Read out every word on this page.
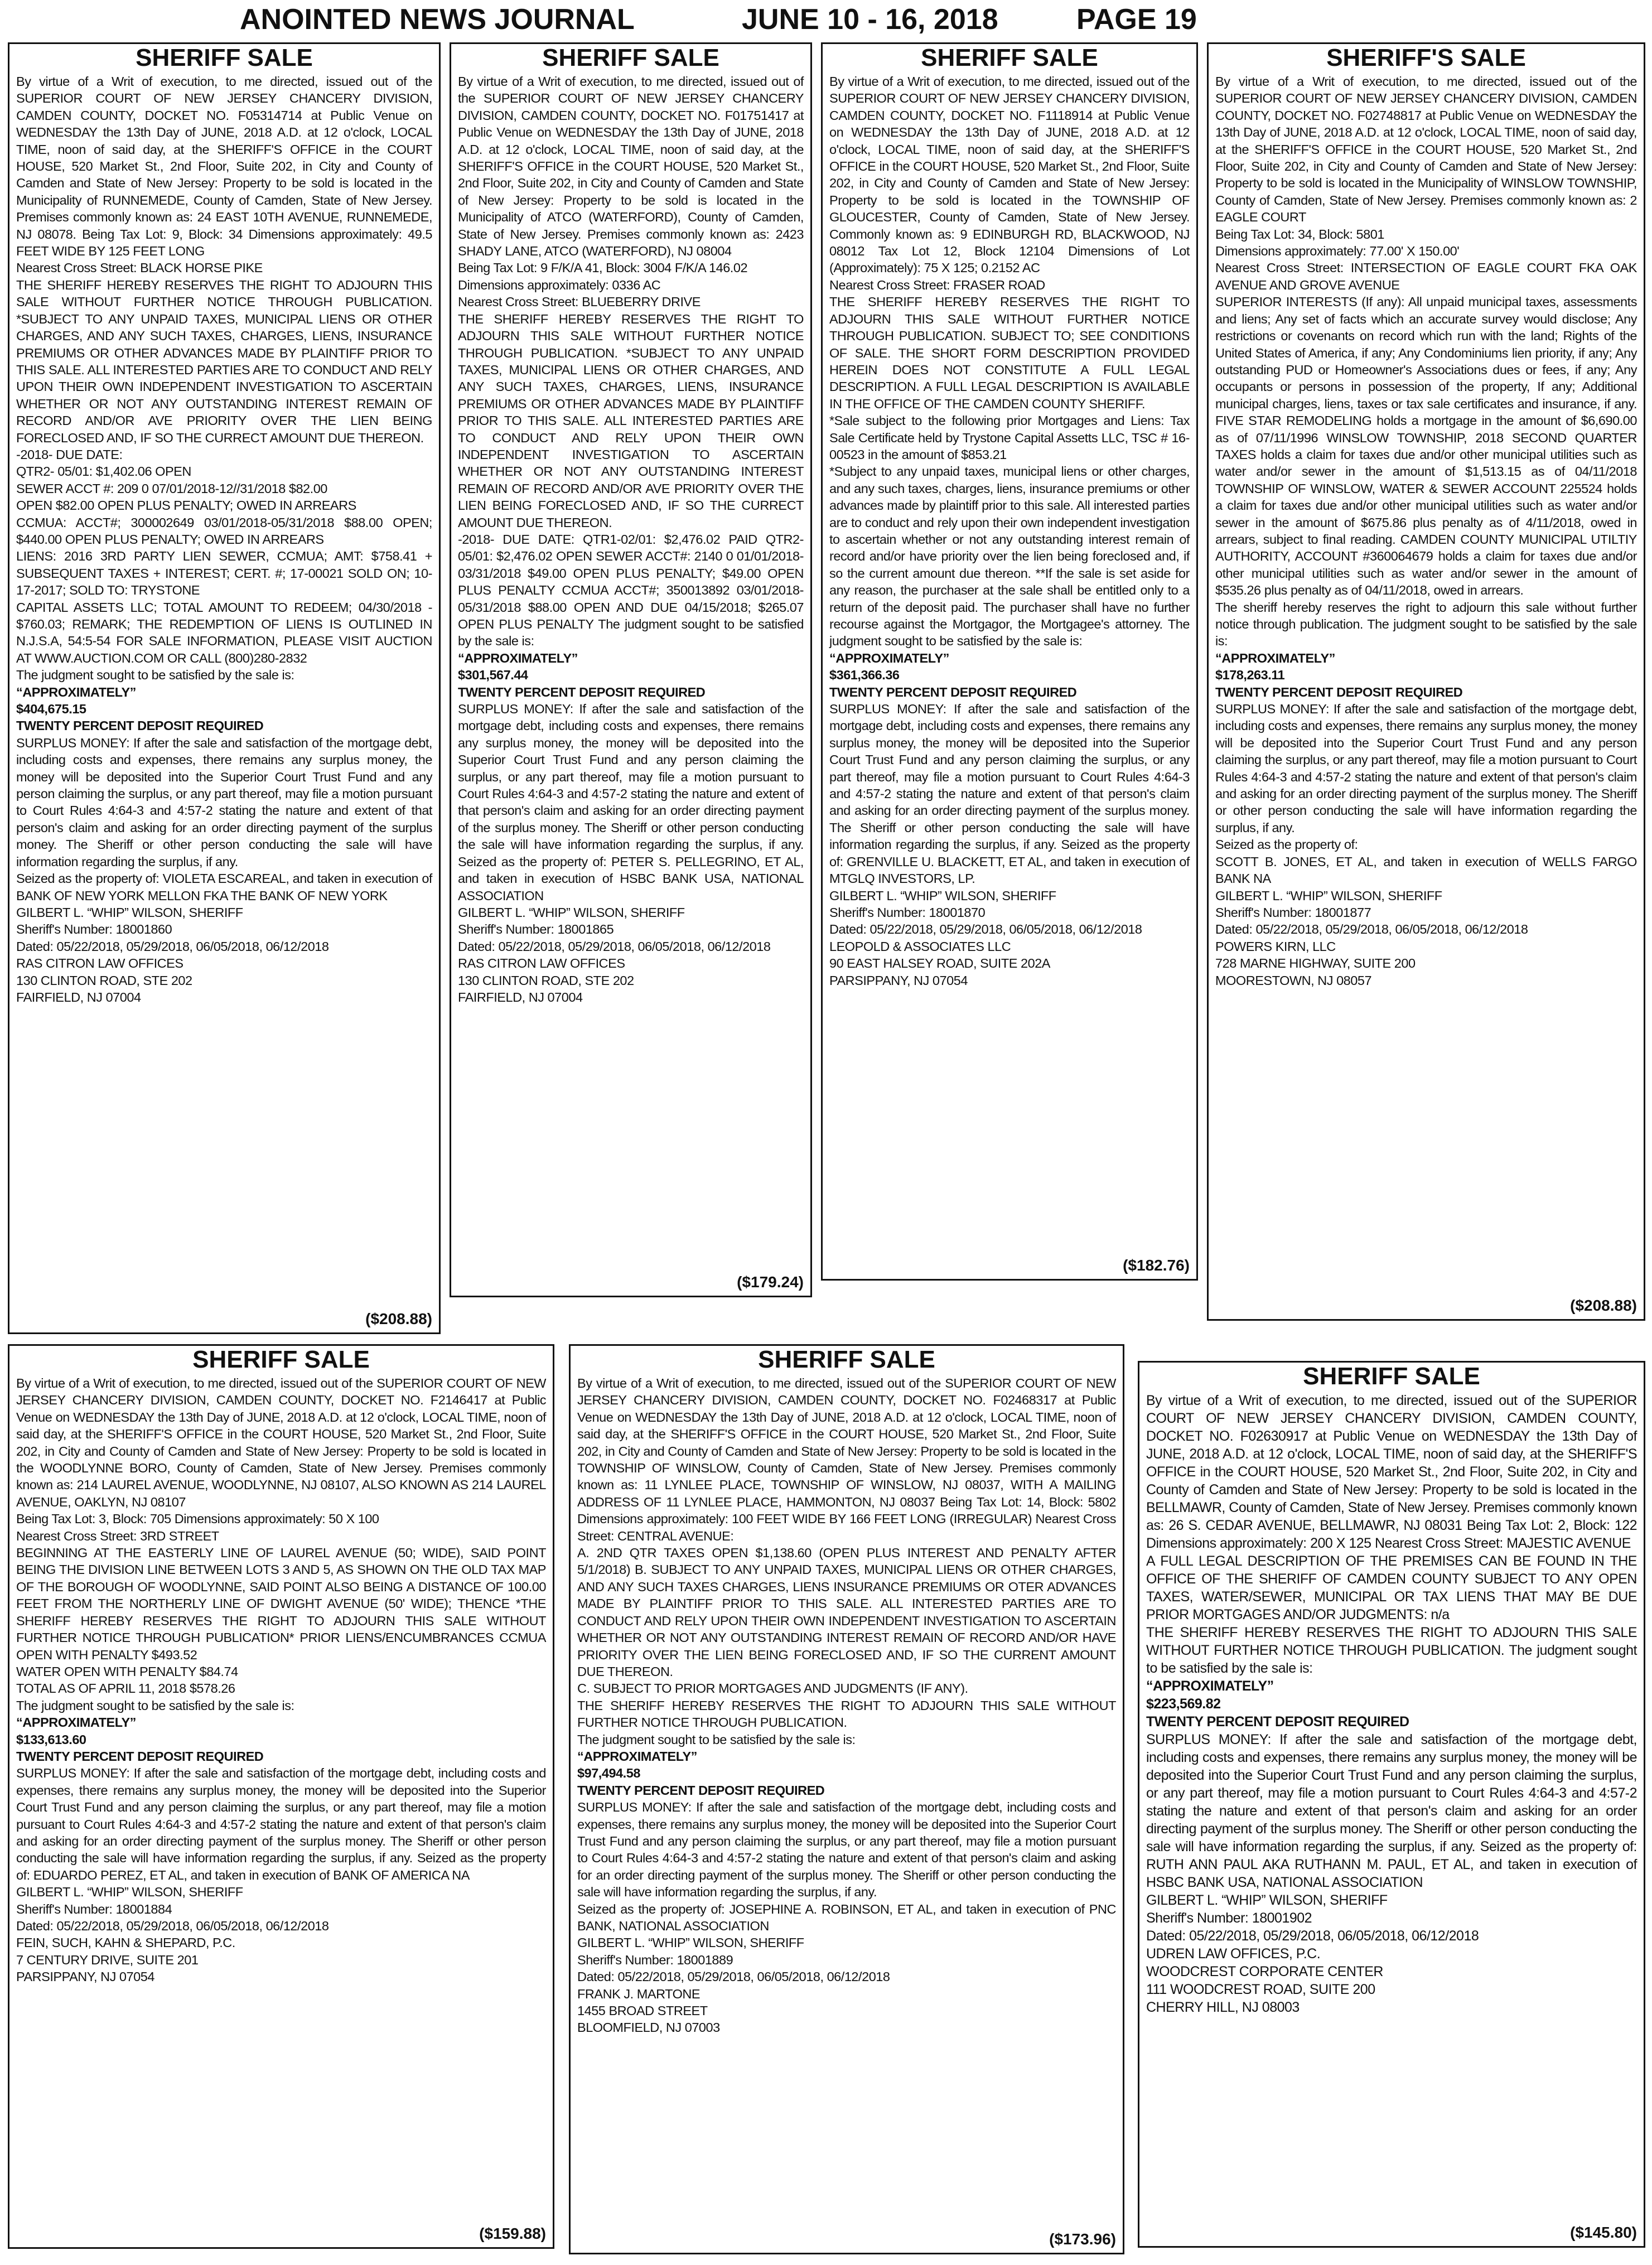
ANOINTED NEWS JOURNAL	JUNE 10 - 16, 2018	PAGE 19
SHERIFF SALE

By virtue of a Writ of execution, to me directed, issued out of the SUPERIOR COURT OF NEW JERSEY CHANCERY DIVISION, CAMDEN COUNTY, DOCKET NO. F05314714 at Public Venue on WEDNESDAY the 13th Day of JUNE, 2018 A.D. at 12 o'clock, LOCAL TIME, noon of said day, at the SHERIFF'S OFFICE in the COURT HOUSE, 520 Market St., 2nd Floor, Suite 202, in City and County of Camden and State of New Jersey: Property to be sold is located in the Municipality of RUNNEMEDE, County of Camden, State of New Jersey. Premises commonly known as: 24 EAST 10TH AVENUE, RUNNEMEDE, NJ 08078. Being Tax Lot: 9, Block: 34 Dimensions approximately: 49.5 FEET WIDE BY 125 FEET LONG

Nearest Cross Street: BLACK HORSE PIKE

THE SHERIFF HEREBY RESERVES THE RIGHT TO ADJOURN THIS SALE WITHOUT FURTHER NOTICE THROUGH PUBLICATION. *SUBJECT TO ANY UNPAID TAXES, MUNICIPAL LIENS OR OTHER CHARGES, AND ANY SUCH TAXES, CHARGES, LIENS, INSURANCE PREMIUMS OR OTHER ADVANCES MADE BY PLAINTIFF PRIOR TO THIS SALE. ALL INTERESTED PARTIES ARE TO CONDUCT AND RELY UPON THEIR OWN INDEPENDENT INVESTIGATION TO ASCERTAIN WHETHER OR NOT ANY OUTSTANDING INTEREST REMAIN OF RECORD AND/OR AVE PRIORITY OVER THE LIEN BEING FORECLOSED AND, IF SO THE CURRECT AMOUNT DUE THEREON.

-2018- DUE DATE:

QTR2- 05/01: $1,402.06 OPEN

SEWER ACCT #: 209 0 07/01/2018-12//31/2018 $82.00

OPEN $82.00 OPEN PLUS PENALTY; OWED IN ARREARS

CCMUA: ACCT#; 300002649 03/01/2018-05/31/2018 $88.00 OPEN; $440.00 OPEN PLUS PENALTY; OWED IN ARREARS

LIENS: 2016 3RD PARTY LIEN SEWER, CCMUA; AMT: $758.41 + SUBSEQUENT TAXES + INTEREST; CERT. #; 17-00021 SOLD ON; 10-17-2017; SOLD TO: TRYSTONE

CAPITAL ASSETS LLC; TOTAL AMOUNT TO REDEEM; 04/30/2018 - $760.03; REMARK; THE REDEMPTION OF LIENS IS OUTLINED IN N.J.S.A, 54:5-54 FOR SALE INFORMATION, PLEASE VISIT AUCTION AT WWW.AUCTION.COM OR CALL (800)280-2832

The judgment sought to be satisfied by the sale is:

“APPROXIMATELY”

$404,675.15

TWENTY PERCENT DEPOSIT REQUIRED

SURPLUS MONEY: If after the sale and satisfaction of the mortgage debt, including costs and expenses, there remains any surplus money, the money will be deposited into the Superior Court Trust Fund and any person claiming the surplus, or any part thereof, may file a motion pursuant to Court Rules 4:64-3 and 4:57-2 stating the nature and extent of that person's claim and asking for an order directing payment of the surplus money. The Sheriff or other person conducting the sale will have information regarding the surplus, if any.

Seized as the property of: VIOLETA ESCAREAL, and taken in execution of BANK OF NEW YORK MELLON FKA THE BANK OF NEW YORK

GILBERT L. “WHIP” WILSON, SHERIFF

Sheriff's Number: 18001860

Dated: 05/22/2018, 05/29/2018, 06/05/2018, 06/12/2018

RAS CITRON LAW OFFICES

130 CLINTON ROAD, STE 202

FAIRFIELD, NJ 07004

($208.88)
SHERIFF SALE

By virtue of a Writ of execution, to me directed, issued out of the SUPERIOR COURT OF NEW JERSEY CHANCERY DIVISION, CAMDEN COUNTY, DOCKET NO. F01751417 at Public Venue on WEDNESDAY the 13th Day of JUNE, 2018 A.D. at 12 o'clock, LOCAL TIME, noon of said day, at the SHERIFF'S OFFICE in the COURT HOUSE, 520 Market St., 2nd Floor, Suite 202, in City and County of Camden and State of New Jersey: Property to be sold is located in the Municipality of ATCO (WATERFORD), County of Camden, State of New Jersey. Premises commonly known as: 2423 SHADY LANE, ATCO (WATERFORD), NJ 08004

Being Tax Lot: 9 F/K/A 41, Block: 3004 F/K/A 146.02

Dimensions approximately: 0336 AC

Nearest Cross Street: BLUEBERRY DRIVE

THE SHERIFF HEREBY RESERVES THE RIGHT TO ADJOURN THIS SALE WITHOUT FURTHER NOTICE THROUGH PUBLICATION. *SUBJECT TO ANY UNPAID TAXES, MUNICIPAL LIENS OR OTHER CHARGES, AND ANY SUCH TAXES, CHARGES, LIENS, INSURANCE PREMIUMS OR OTHER ADVANCES MADE BY PLAINTIFF PRIOR TO THIS SALE. ALL INTERESTED PARTIES ARE TO CONDUCT AND RELY UPON THEIR OWN INDEPENDENT INVESTIGATION TO ASCERTAIN WHETHER OR NOT ANY OUTSTANDING INTEREST REMAIN OF RECORD AND/OR AVE PRIORITY OVER THE LIEN BEING FORECLOSED AND, IF SO THE CURRECT AMOUNT DUE THEREON.

-2018- DUE DATE: QTR1-02/01: $2,476.02 PAID QTR2-05/01: $2,476.02 OPEN SEWER ACCT#: 2140 0 01/01/2018- 03/31/2018 $49.00 OPEN PLUS PENALTY; $49.00 OPEN PLUS PENALTY CCMUA ACCT#; 350013892 03/01/2018- 05/31/2018 $88.00 OPEN AND DUE 04/15/2018; $265.07 OPEN PLUS PENALTY The judgment sought to be satisfied by the sale is:

“APPROXIMATELY”

$301,567.44

TWENTY PERCENT DEPOSIT REQUIRED

SURPLUS MONEY: If after the sale and satisfaction of the mortgage debt, including costs and expenses, there remains any surplus money, the money will be deposited into the Superior Court Trust Fund and any person claiming the surplus, or any part thereof, may file a motion pursuant to Court Rules 4:64-3 and 4:57-2 stating the nature and extent of that person's claim and asking for an order directing payment of the surplus money. The Sheriff or other person conducting the sale will have information regarding the surplus, if any. Seized as the property of: PETER S. PELLEGRINO, ET AL, and taken in execution of HSBC BANK USA, NATIONAL ASSOCIATION

GILBERT L. “WHIP” WILSON, SHERIFF

Sheriff's Number: 18001865

Dated: 05/22/2018, 05/29/2018, 06/05/2018, 06/12/2018

RAS CITRON LAW OFFICES

130 CLINTON ROAD, STE 202

FAIRFIELD, NJ 07004

($179.24)
SHERIFF SALE

By virtue of a Writ of execution, to me directed, issued out of the SUPERIOR COURT OF NEW JERSEY CHANCERY DIVISION, CAMDEN COUNTY, DOCKET NO. F1118914 at Public Venue on WEDNESDAY the 13th Day of JUNE, 2018 A.D. at 12 o'clock, LOCAL TIME, noon of said day, at the SHERIFF'S OFFICE in the COURT HOUSE, 520 Market St., 2nd Floor, Suite 202, in City and County of Camden and State of New Jersey: Property to be sold is located in the TOWNSHIP OF GLOUCESTER, County of Camden, State of New Jersey. Commonly known as: 9 EDINBURGH RD, BLACKWOOD, NJ 08012 Tax Lot 12, Block 12104 Dimensions of Lot (Approximately): 75 X 125; 0.2152 AC

Nearest Cross Street: FRASER ROAD

THE SHERIFF HEREBY RESERVES THE RIGHT TO ADJOURN THIS SALE WITHOUT FURTHER NOTICE THROUGH PUBLICATION. SUBJECT TO; SEE CONDITIONS OF SALE. THE SHORT FORM DESCRIPTION PROVIDED HEREIN DOES NOT CONSTITUTE A FULL LEGAL DESCRIPTION. A FULL LEGAL DESCRIPTION IS AVAILABLE IN THE OFFICE OF THE CAMDEN COUNTY SHERIFF.

*Sale subject to the following prior Mortgages and Liens: Tax Sale Certificate held by Trystone Capital Assetts LLC, TSC # 16-00523 in the amount of $853.21

*Subject to any unpaid taxes, municipal liens or other charges, and any such taxes, charges, liens, insurance premiums or other advances made by plaintiff prior to this sale. All interested parties are to conduct and rely upon their own independent investigation to ascertain whether or not any outstanding interest remain of record and/or have priority over the lien being foreclosed and, if so the current amount due thereon. **If the sale is set aside for any reason, the purchaser at the sale shall be entitled only to a return of the deposit paid. The purchaser shall have no further recourse against the Mortgagor, the Mortgagee's attorney. The judgment sought to be satisfied by the sale is:

“APPROXIMATELY”

$361,366.36

TWENTY PERCENT DEPOSIT REQUIRED

SURPLUS MONEY: If after the sale and satisfaction of the mortgage debt, including costs and expenses, there remains any surplus money, the money will be deposited into the Superior Court Trust Fund and any person claiming the surplus, or any part thereof, may file a motion pursuant to Court Rules 4:64-3 and 4:57-2 stating the nature and extent of that person's claim and asking for an order directing payment of the surplus money. The Sheriff or other person conducting the sale will have information regarding the surplus, if any. Seized as the property of: GRENVILLE U. BLACKETT, ET AL, and taken in execution of MTGLQ INVESTORS, LP.

GILBERT L. “WHIP” WILSON, SHERIFF

Sheriff's Number: 18001870

Dated: 05/22/2018, 05/29/2018, 06/05/2018, 06/12/2018

LEOPOLD & ASSOCIATES LLC

90 EAST HALSEY ROAD, SUITE 202A

PARSIPPANY, NJ 07054

($182.76)
SHERIFF'S SALE

By virtue of a Writ of execution, to me directed, issued out of the SUPERIOR COURT OF NEW JERSEY CHANCERY DIVISION, CAMDEN COUNTY, DOCKET NO. F02748817 at Public Venue on WEDNESDAY the 13th Day of JUNE, 2018 A.D. at 12 o'clock, LOCAL TIME, noon of said day, at the SHERIFF'S OFFICE in the COURT HOUSE, 520 Market St., 2nd Floor, Suite 202, in City and County of Camden and State of New Jersey: Property to be sold is located in the Municipality of WINSLOW TOWNSHIP, County of Camden, State of New Jersey. Premises commonly known as: 2 EAGLE COURT

Being Tax Lot: 34, Block: 5801

Dimensions approximately: 77.00' X 150.00'

Nearest Cross Street: INTERSECTION OF EAGLE COURT FKA OAK AVENUE AND GROVE AVENUE

SUPERIOR INTERESTS (If any): All unpaid municipal taxes, assessments and liens; Any set of facts which an accurate survey would disclose; Any restrictions or covenants on record which run with the land; Rights of the United States of America, if any; Any Condominiums lien priority, if any; Any outstanding PUD or Homeowner's Associations dues or fees, if any; Any occupants or persons in possession of the property, If any; Additional municipal charges, liens, taxes or tax sale certificates and insurance, if any. FIVE STAR REMODELING holds a mortgage in the amount of $6,690.00 as of 07/11/1996 WINSLOW TOWNSHIP, 2018 SECOND QUARTER TAXES holds a claim for taxes due and/or other municipal utilities such as water and/or sewer in the amount of $1,513.15 as of 04/11/2018 TOWNSHIP OF WINSLOW, WATER & SEWER ACCOUNT 225524 holds a claim for taxes due and/or other municipal utilities such as water and/or sewer in the amount of $675.86 plus penalty as of 4/11/2018, owed in arrears, subject to final reading. CAMDEN COUNTY MUNICIPAL UTILTIY AUTHORITY, ACCOUNT #360064679 holds a claim for taxes due and/or other municipal utilities such as water and/or sewer in the amount of $535.26 plus penalty as of 04/11/2018, owed in arrears.

The sheriff hereby reserves the right to adjourn this sale without further notice through publication. The judgment sought to be satisfied by the sale is:

“APPROXIMATELY”

$178,263.11

TWENTY PERCENT DEPOSIT REQUIRED

SURPLUS MONEY: If after the sale and satisfaction of the mortgage debt, including costs and expenses, there remains any surplus money, the money will be deposited into the Superior Court Trust Fund and any person claiming the surplus, or any part thereof, may file a motion pursuant to Court Rules 4:64-3 and 4:57-2 stating the nature and extent of that person's claim and asking for an order directing payment of the surplus money. The Sheriff or other person conducting the sale will have information regarding the surplus, if any.

Seized as the property of:

SCOTT B. JONES, ET AL, and taken in execution of WELLS FARGO BANK NA

GILBERT L. “WHIP” WILSON, SHERIFF

Sheriff's Number: 18001877

Dated: 05/22/2018, 05/29/2018, 06/05/2018, 06/12/2018

POWERS KIRN, LLC

728 MARNE HIGHWAY, SUITE 200

MOORESTOWN, NJ 08057

($208.88)
SHERIFF SALE

By virtue of a Writ of execution, to me directed, issued out of the SUPERIOR COURT OF NEW JERSEY CHANCERY DIVISION, CAMDEN COUNTY, DOCKET NO. F2146417 at Public Venue on WEDNESDAY the 13th Day of JUNE, 2018 A.D. at 12 o'clock, LOCAL TIME, noon of said day, at the SHERIFF'S OFFICE in the COURT HOUSE, 520 Market St., 2nd Floor, Suite 202, in City and County of Camden and State of New Jersey: Property to be sold is located in the WOODLYNNE BORO, County of Camden, State of New Jersey. Premises commonly known as: 214 LAUREL AVENUE, WOODLYNNE, NJ 08107, ALSO KNOWN AS 214 LAUREL AVENUE, OAKLYN, NJ 08107

Being Tax Lot: 3, Block: 705 Dimensions approximately: 50 X 100

Nearest Cross Street: 3RD STREET

BEGINNING AT THE EASTERLY LINE OF LAUREL AVENUE (50; WIDE), SAID POINT BEING THE DIVISION LINE BETWEEN LOTS 3 AND 5, AS SHOWN ON THE OLD TAX MAP OF THE BOROUGH OF WOODLYNNE, SAID POINT ALSO BEING A DISTANCE OF 100.00 FEET FROM THE NORTHERLY LINE OF DWIGHT AVENUE (50' WIDE); THENCE *THE SHERIFF HEREBY RESERVES THE RIGHT TO ADJOURN THIS SALE WITHOUT FURTHER NOTICE THROUGH PUBLICATION* PRIOR LIENS/ENCUMBRANCES CCMUA OPEN WITH PENALTY $493.52

WATER OPEN WITH PENALTY $84.74

TOTAL AS OF APRIL 11, 2018 $578.26

The judgment sought to be satisfied by the sale is:

“APPROXIMATELY”

$133,613.60

TWENTY PERCENT DEPOSIT REQUIRED

SURPLUS MONEY: If after the sale and satisfaction of the mortgage debt, including costs and expenses, there remains any surplus money, the money will be deposited into the Superior Court Trust Fund and any person claiming the surplus, or any part thereof, may file a motion pursuant to Court Rules 4:64-3 and 4:57-2 stating the nature and extent of that person's claim and asking for an order directing payment of the surplus money. The Sheriff or other person conducting the sale will have information regarding the surplus, if any. Seized as the property of: EDUARDO PEREZ, ET AL, and taken in execution of BANK OF AMERICA NA

GILBERT L. “WHIP” WILSON, SHERIFF

Sheriff's Number: 18001884

Dated: 05/22/2018, 05/29/2018, 06/05/2018, 06/12/2018

FEIN, SUCH, KAHN & SHEPARD, P.C.

7 CENTURY DRIVE, SUITE 201

PARSIPPANY, NJ 07054

($159.88)
SHERIFF SALE

By virtue of a Writ of execution, to me directed, issued out of the SUPERIOR COURT OF NEW JERSEY CHANCERY DIVISION, CAMDEN COUNTY, DOCKET NO. F02468317 at Public Venue on WEDNESDAY the 13th Day of JUNE, 2018 A.D. at 12 o'clock, LOCAL TIME, noon of said day, at the SHERIFF'S OFFICE in the COURT HOUSE, 520 Market St., 2nd Floor, Suite 202, in City and County of Camden and State of New Jersey: Property to be sold is located in the TOWNSHIP OF WINSLOW, County of Camden, State of New Jersey. Premises commonly known as: 11 LYNLEE PLACE, TOWNSHIP OF WINSLOW, NJ 08037, WITH A MAILING ADDRESS OF 11 LYNLEE PLACE, HAMMONTON, NJ 08037 Being Tax Lot: 14, Block: 5802 Dimensions approximately: 100 FEET WIDE BY 166 FEET LONG (IRREGULAR) Nearest Cross Street: CENTRAL AVENUE:

A. 2ND QTR TAXES OPEN $1,138.60 (OPEN PLUS INTEREST AND PENALTY AFTER 5/1/2018) B. SUBJECT TO ANY UNPAID TAXES, MUNICIPAL LIENS OR OTHER CHARGES, AND ANY SUCH TAXES CHARGES, LIENS INSURANCE PREMIUMS OR OTER ADVANCES MADE BY PLAINTIFF PRIOR TO THIS SALE. ALL INTERESTED PARTIES ARE TO CONDUCT AND RELY UPON THEIR OWN INDEPENDENT INVESTIGATION TO ASCERTAIN WHETHER OR NOT ANY OUTSTANDING INTEREST REMAIN OF RECORD AND/OR HAVE PRIORITY OVER THE LIEN BEING FORECLOSED AND, IF SO THE CURRENT AMOUNT DUE THEREON.

C. SUBJECT TO PRIOR MORTGAGES AND JUDGMENTS (IF ANY).

THE SHERIFF HEREBY RESERVES THE RIGHT TO ADJOURN THIS SALE WITHOUT FURTHER NOTICE THROUGH PUBLICATION.

The judgment sought to be satisfied by the sale is:

“APPROXIMATELY”

$97,494.58

TWENTY PERCENT DEPOSIT REQUIRED

SURPLUS MONEY: If after the sale and satisfaction of the mortgage debt, including costs and expenses, there remains any surplus money, the money will be deposited into the Superior Court Trust Fund and any person claiming the surplus, or any part thereof, may file a motion pursuant to Court Rules 4:64-3 and 4:57-2 stating the nature and extent of that person's claim and asking for an order directing payment of the surplus money. The Sheriff or other person conducting the sale will have information regarding the surplus, if any.

Seized as the property of: JOSEPHINE A. ROBINSON, ET AL, and taken in execution of PNC BANK, NATIONAL ASSOCIATION

GILBERT L. “WHIP” WILSON, SHERIFF

Sheriff's Number: 18001889

Dated: 05/22/2018, 05/29/2018, 06/05/2018, 06/12/2018

FRANK J. MARTONE

1455 BROAD STREET

BLOOMFIELD, NJ 07003

($173.96)
SHERIFF SALE

By virtue of a Writ of execution, to me directed, issued out of the SUPERIOR COURT OF NEW JERSEY CHANCERY DIVISION, CAMDEN COUNTY, DOCKET NO. F02630917 at Public Venue on WEDNESDAY the 13th Day of JUNE, 2018 A.D. at 12 o'clock, LOCAL TIME, noon of said day, at the SHERIFF'S OFFICE in the COURT HOUSE, 520 Market St., 2nd Floor, Suite 202, in City and County of Camden and State of New Jersey: Property to be sold is located in the BELLMAWR, County of Camden, State of New Jersey. Premises commonly known as: 26 S. CEDAR AVENUE, BELLMAWR, NJ 08031 Being Tax Lot: 2, Block: 122 Dimensions approximately: 200 X 125 Nearest Cross Street: MAJESTIC AVENUE

A FULL LEGAL DESCRIPTION OF THE PREMISES CAN BE FOUND IN THE OFFICE OF THE SHERIFF OF CAMDEN COUNTY SUBJECT TO ANY OPEN TAXES, WATER/SEWER, MUNICIPAL OR TAX LIENS THAT MAY BE DUE PRIOR MORTGAGES AND/OR JUDGMENTS: n/a

THE SHERIFF HEREBY RESERVES THE RIGHT TO ADJOURN THIS SALE WITHOUT FURTHER NOTICE THROUGH PUBLICATION. The judgment sought to be satisfied by the sale is:

“APPROXIMATELY”

$223,569.82

TWENTY PERCENT DEPOSIT REQUIRED

SURPLUS MONEY: If after the sale and satisfaction of the mortgage debt, including costs and expenses, there remains any surplus money, the money will be deposited into the Superior Court Trust Fund and any person claiming the surplus, or any part thereof, may file a motion pursuant to Court Rules 4:64-3 and 4:57-2 stating the nature and extent of that person's claim and asking for an order directing payment of the surplus money. The Sheriff or other person conducting the sale will have information regarding the surplus, if any. Seized as the property of: RUTH ANN PAUL AKA RUTHANN M. PAUL, ET AL, and taken in execution of HSBC BANK USA, NATIONAL ASSOCIATION

GILBERT L. “WHIP” WILSON, SHERIFF

Sheriff's Number: 18001902

Dated: 05/22/2018, 05/29/2018, 06/05/2018, 06/12/2018

UDREN LAW OFFICES, P.C.

WOODCREST CORPORATE CENTER

111 WOODCREST ROAD, SUITE 200

CHERRY HILL, NJ 08003

($145.80)
